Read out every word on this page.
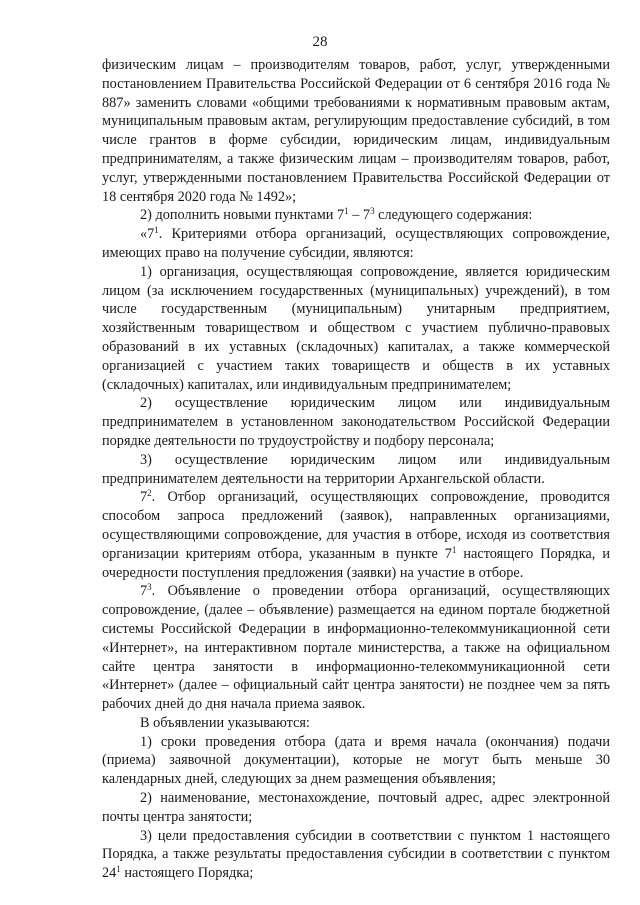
28

физическим лицам – производителям товаров, работ, услуг, утвержденными постановлением Правительства Российской Федерации от 6 сентября 2016 года № 887» заменить словами «общими требованиями к нормативным правовым актам, муниципальным правовым актам, регулирующим предоставление субсидий, в том числе грантов в форме субсидии, юридическим лицам, индивидуальным предпринимателям, а также физическим лицам – производителям товаров, работ, услуг, утвержденными постановлением Правительства Российской Федерации от 18 сентября 2020 года № 1492»;

2) дополнить новыми пунктами $7^1 - 7^3$ следующего содержания:

«$7^1$. Критериями отбора организаций, осуществляющих сопровождение, имеющих право на получение субсидии, являются:

1) организация, осуществляющая сопровождение, является юридическим лицом (за исключением государственных (муниципальных) учреждений), в том числе государственным (муниципальным) унитарным предприятием, хозяйственным товариществом и обществом с участием публично-правовых образований в их уставных (складочных) капиталах, а также коммерческой организацией с участием таких товариществ и обществ в их уставных (складочных) капиталах, или индивидуальным предпринимателем;

2) осуществление юридическим лицом или индивидуальным предпринимателем в установленном законодательством Российской Федерации порядке деятельности по трудоустройству и подбору персонала;

3) осуществление юридическим лицом или индивидуальным предпринимателем деятельности на территории Архангельской области.

$7^2$. Отбор организаций, осуществляющих сопровождение, проводится способом запроса предложений (заявок), направленных организациями, осуществляющими сопровождение, для участия в отборе, исходя из соответствия организации критериям отбора, указанным в пункте $7^1$ настоящего Порядка, и очередности поступления предложения (заявки) на участие в отборе.

$7^3$. Объявление о проведении отбора организаций, осуществляющих сопровождение, (далее – объявление) размещается на едином портале бюджетной системы Российской Федерации в информационно-телекоммуникационной сети «Интернет», на интерактивном портале министерства, а также на официальном сайте центра занятости в информационно-телекоммуникационной сети «Интернет» (далее – официальный сайт центра занятости) не позднее чем за пять рабочих дней до дня начала приема заявок.

В объявлении указываются:

1) сроки проведения отбора (дата и время начала (окончания) подачи (приема) заявочной документации), которые не могут быть меньше 30 календарных дней, следующих за днем размещения объявления;

2) наименование, местонахождение, почтовый адрес, адрес электронной почты центра занятости;

3) цели предоставления субсидии в соответствии с пунктом 1 настоящего Порядка, а также результаты предоставления субсидии в соответствии с пунктом $24^1$ настоящего Порядка;
